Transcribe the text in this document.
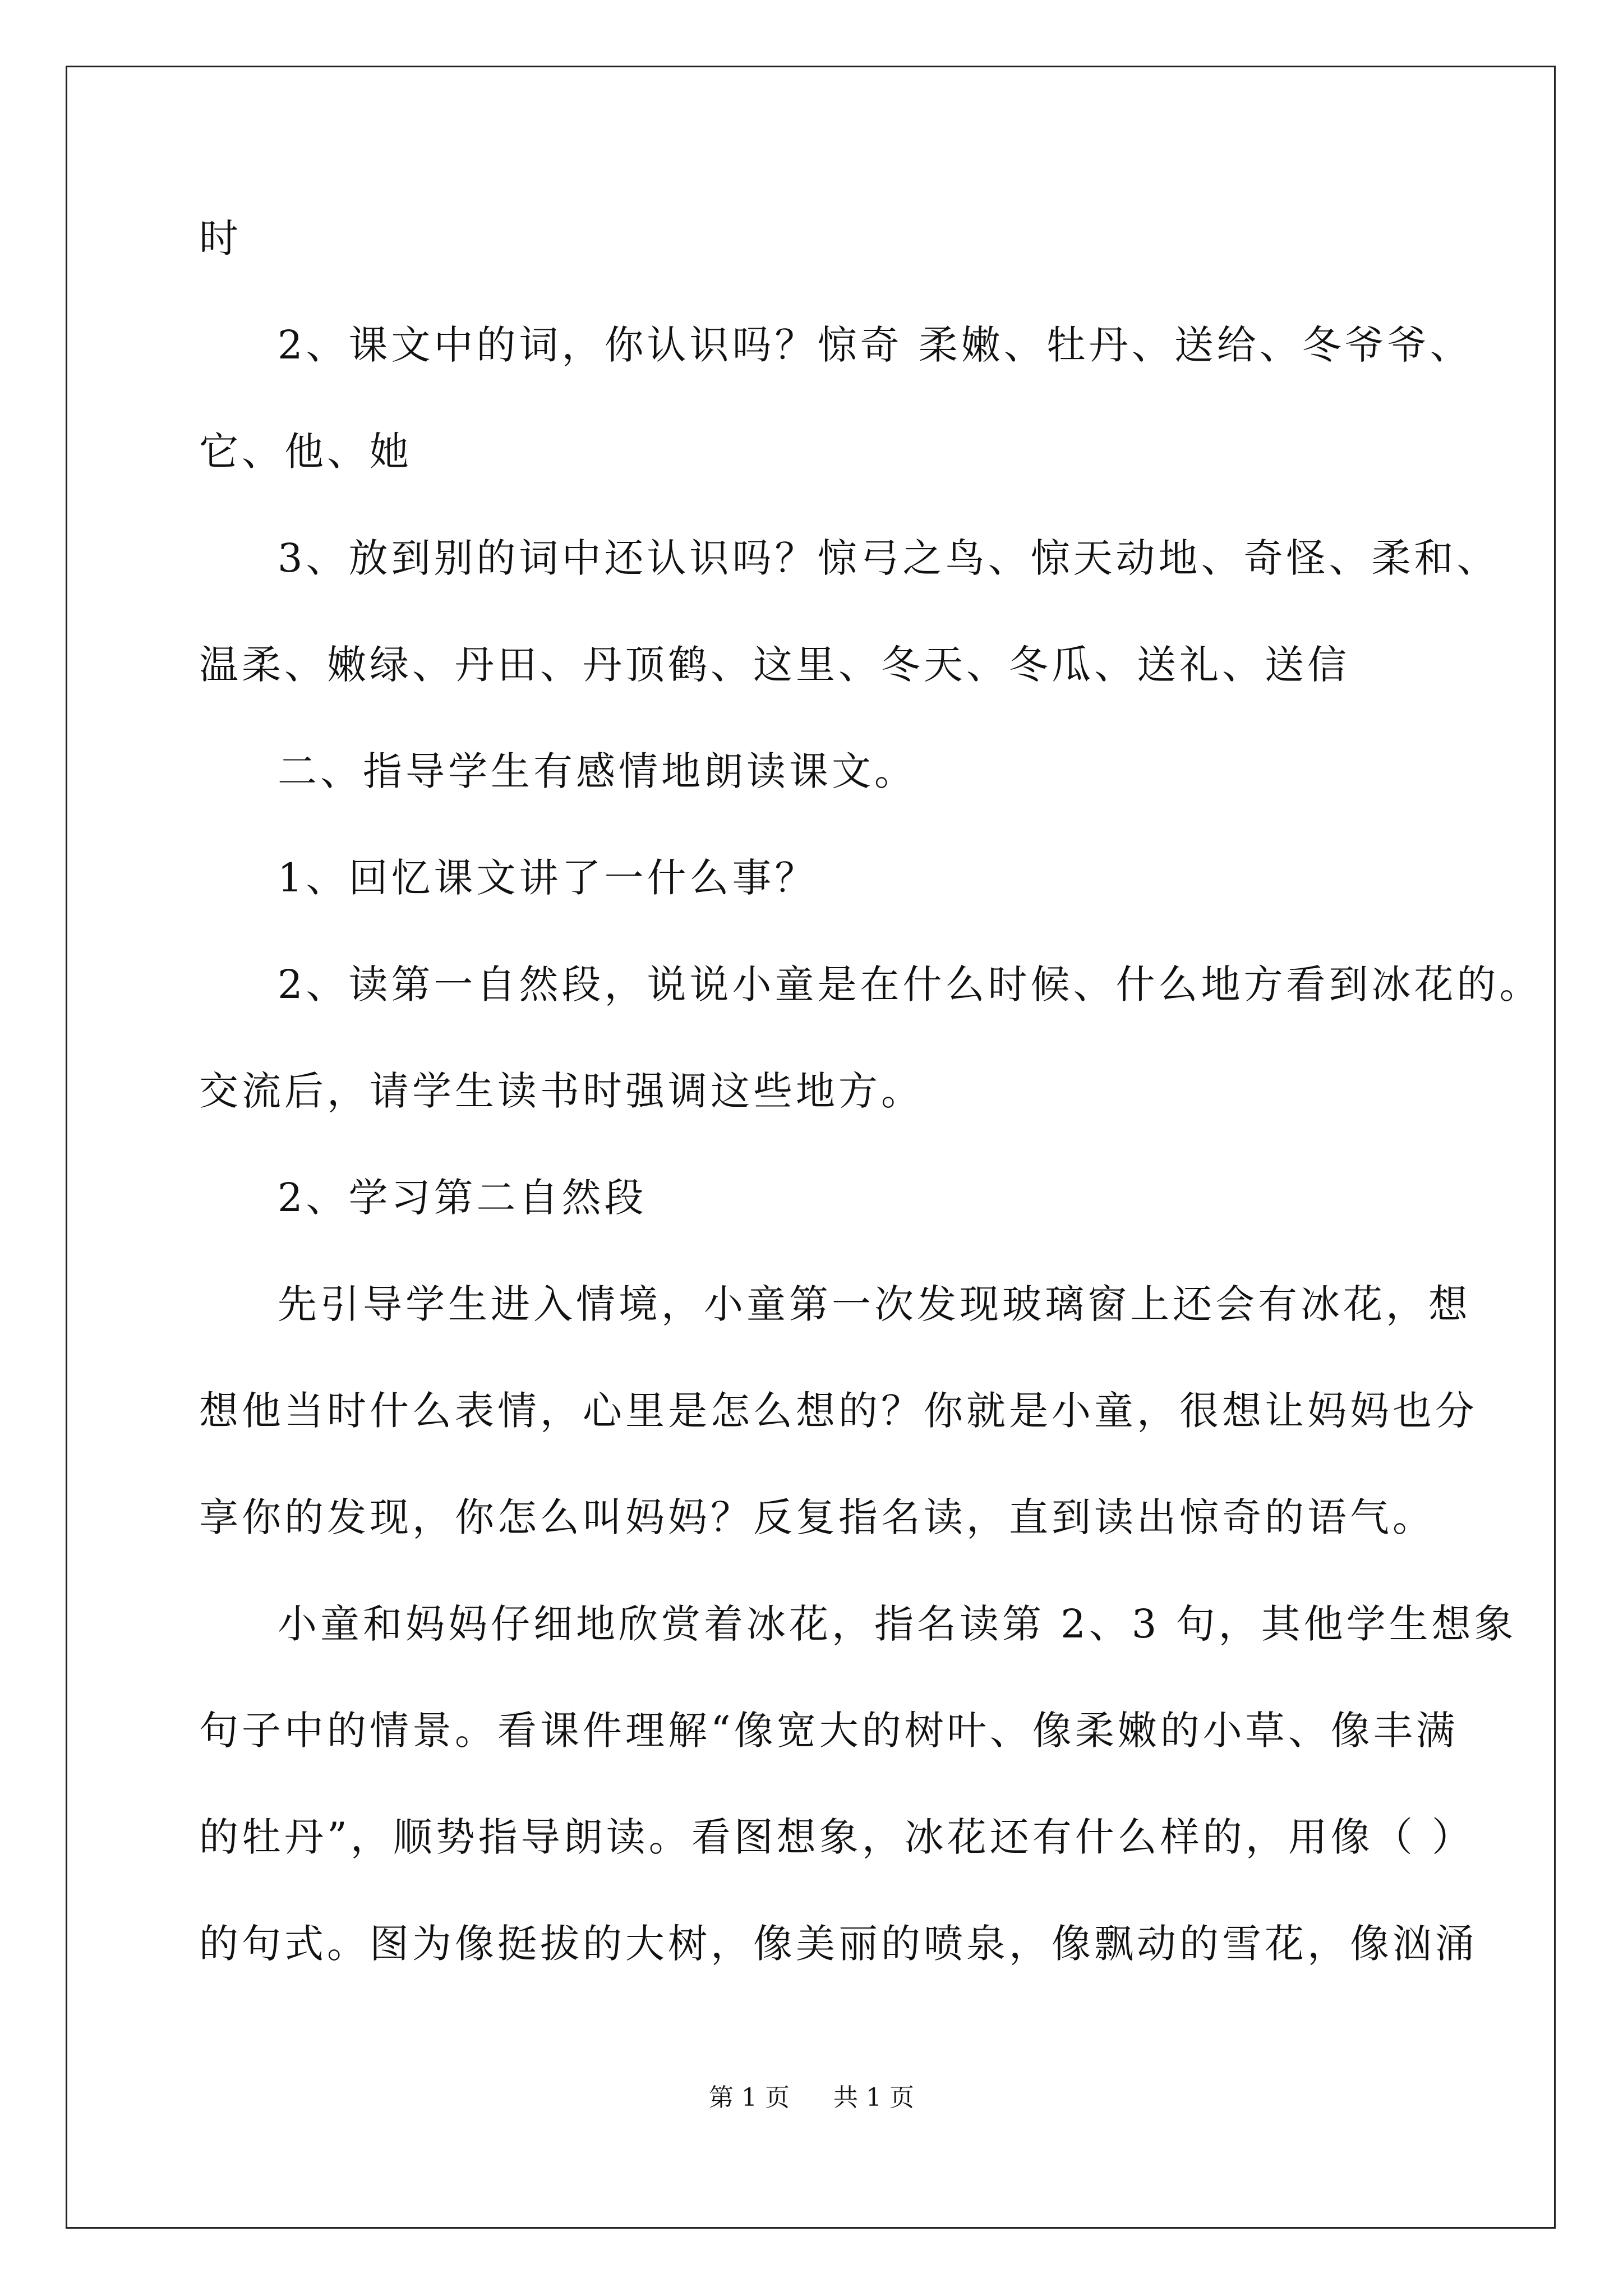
时
2、课文中的词，你认识吗？惊奇 柔嫩、牡丹、送给、冬爷爷、
它、他、她
3、放到别的词中还认识吗？惊弓之鸟、惊天动地、奇怪、柔和、
温柔、嫩绿、丹田、丹顶鹤、这里、冬天、冬瓜、送礼、送信
二、指导学生有感情地朗读课文。
1、回忆课文讲了一什么事？
2、读第一自然段，说说小童是在什么时候、什么地方看到冰花的。
交流后，请学生读书时强调这些地方。
2、学习第二自然段
先引导学生进入情境，小童第一次发现玻璃窗上还会有冰花，想
想他当时什么表情，心里是怎么想的？你就是小童，很想让妈妈也分
享你的发现，你怎么叫妈妈？反复指名读，直到读出惊奇的语气。
小童和妈妈仔细地欣赏着冰花，指名读第 2、3 句，其他学生想象
句子中的情景。看课件理解“像宽大的树叶、像柔嫩的小草、像丰满
的牡丹”，顺势指导朗读。看图想象，冰花还有什么样的，用像（ ）
的句式。图为像挺拔的大树，像美丽的喷泉，像飘动的雪花，像汹涌
第 1 页 共 1 页
